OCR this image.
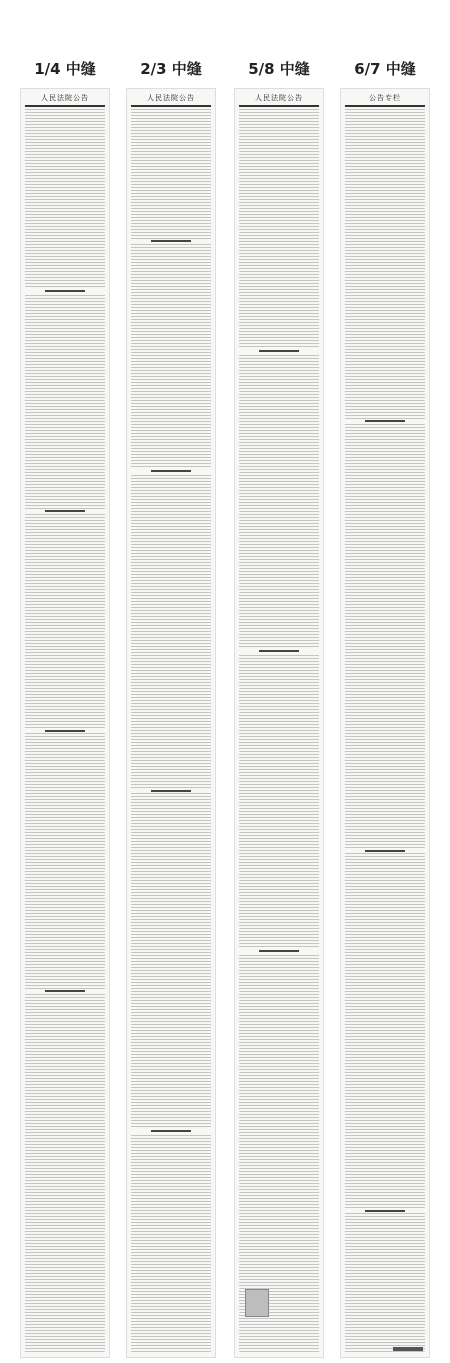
1/4 中缝
人民法院公告
2/3 中缝
人民法院公告
5/8 中缝
人民法院公告
6/7 中缝
公告专栏
